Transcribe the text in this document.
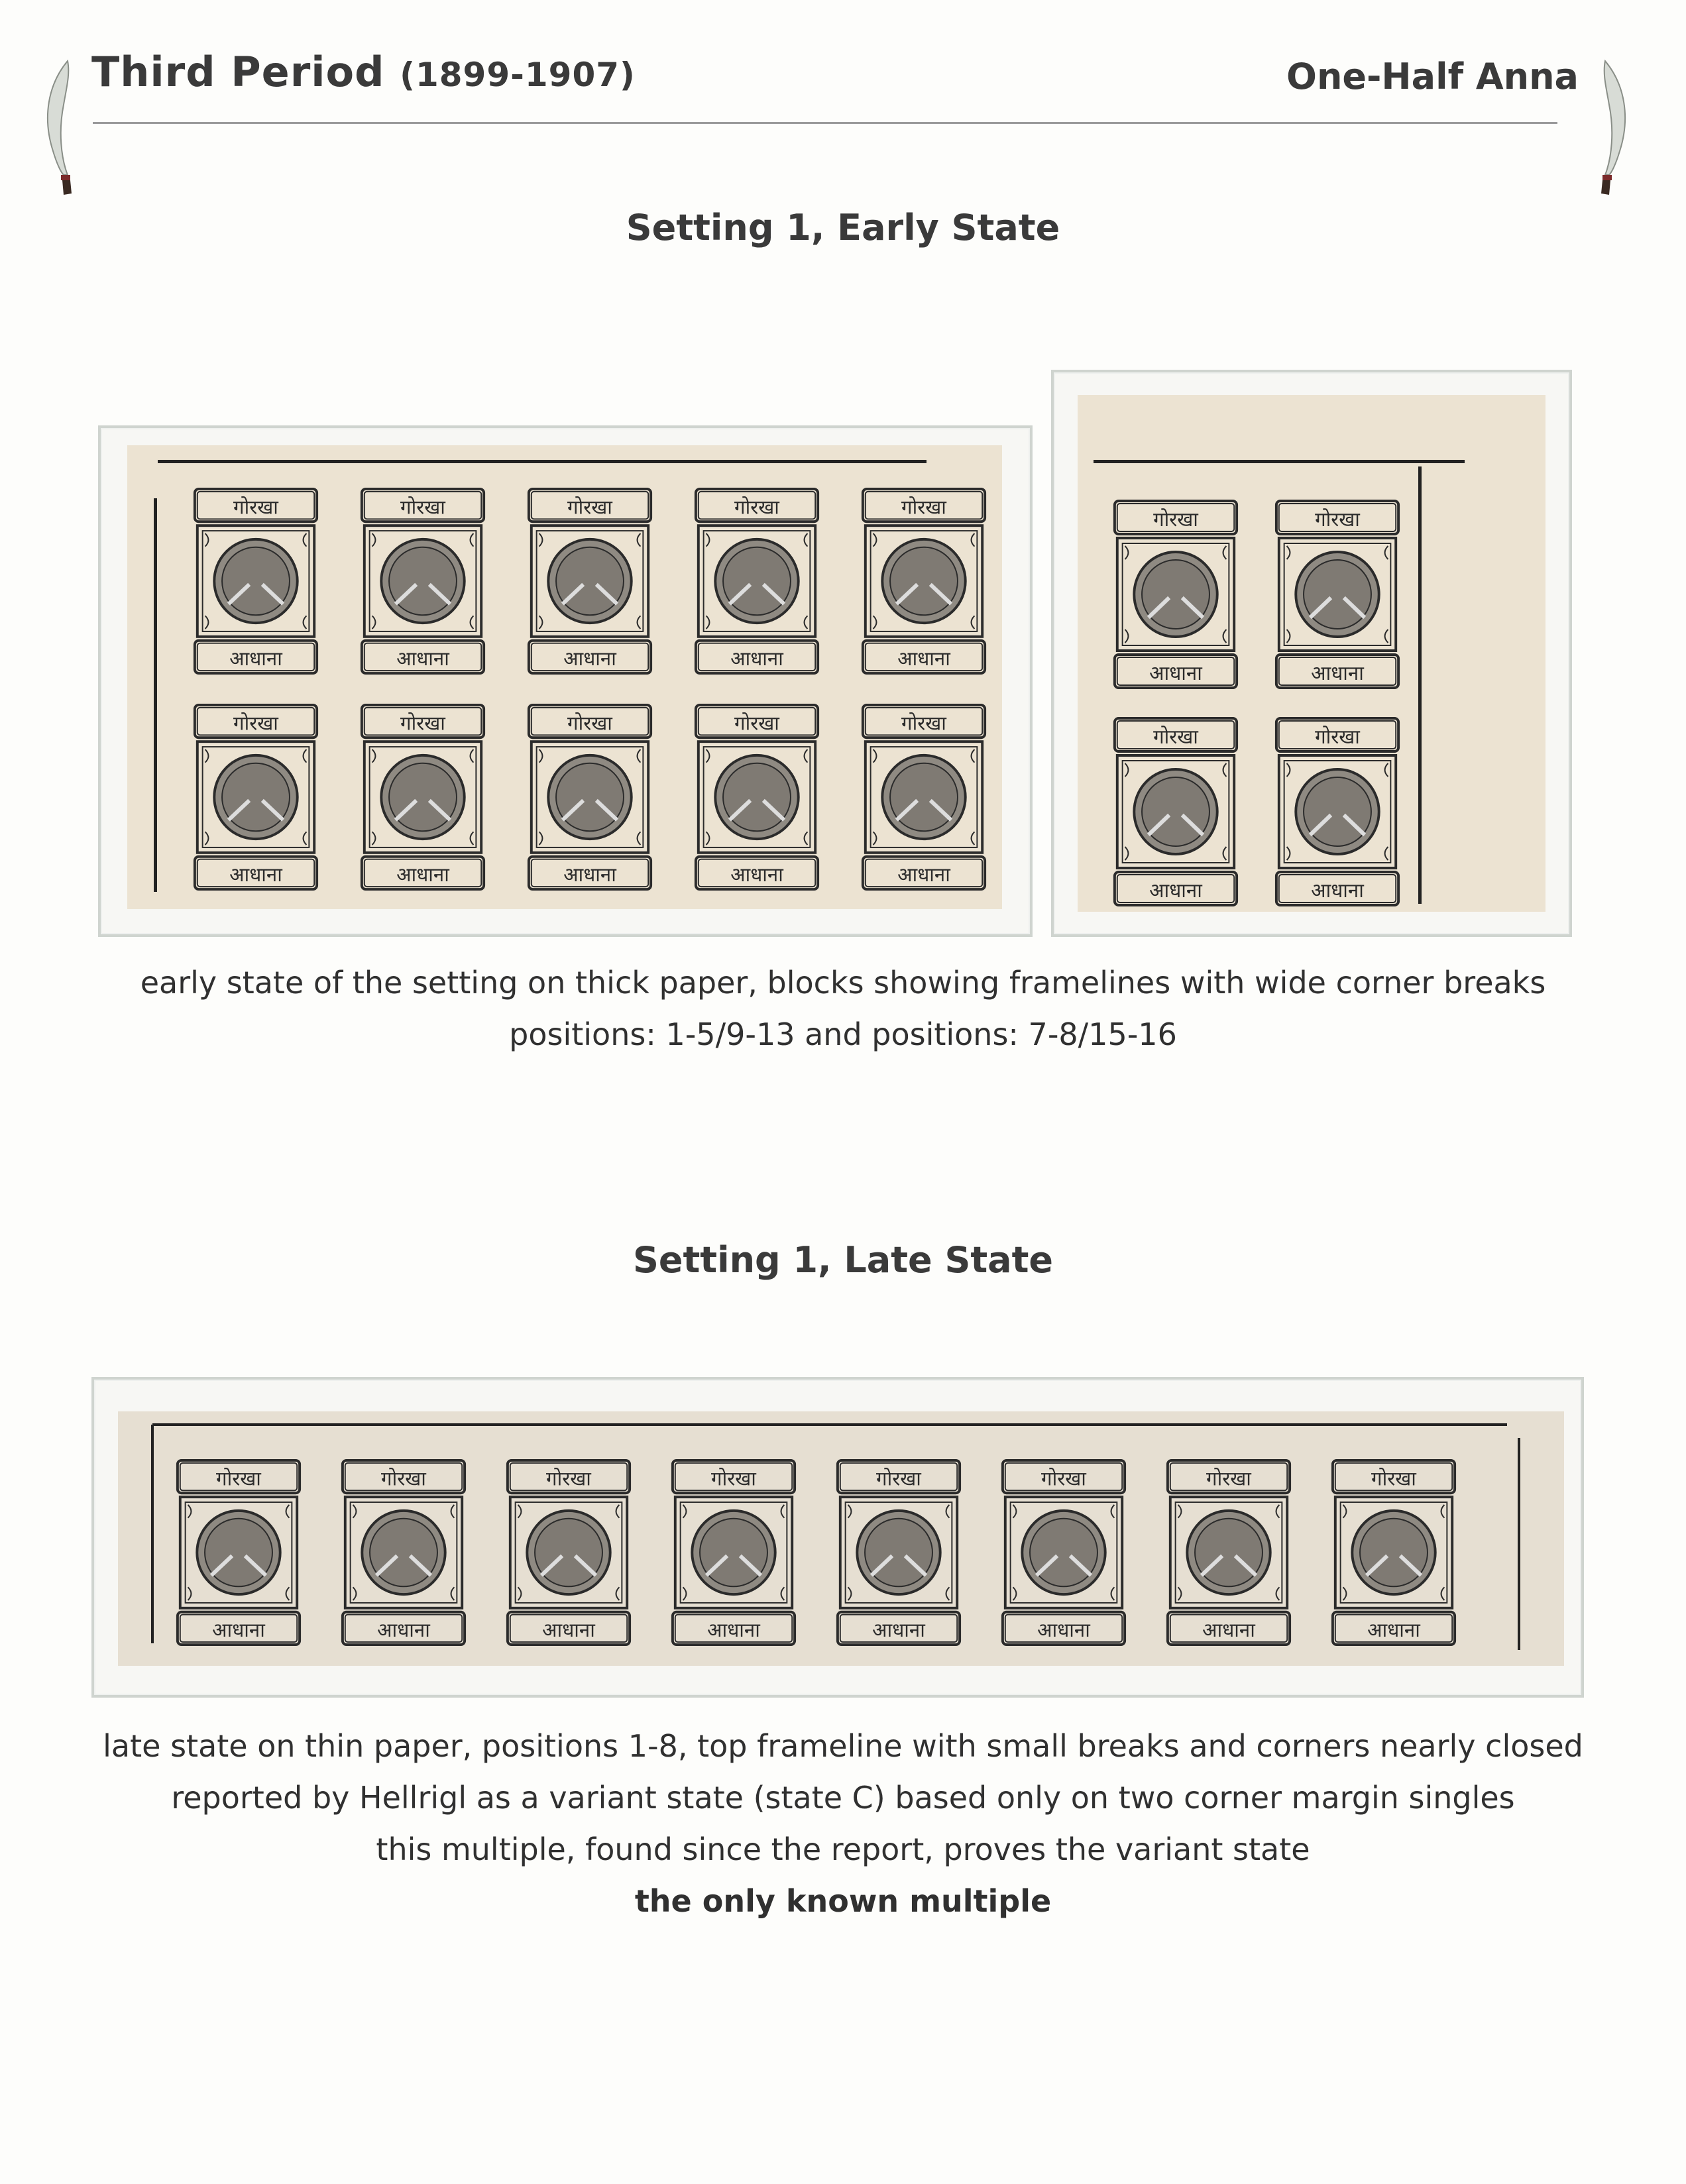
Third Period (1899-1907)	One-Half Anna
Setting 1, Early State
गोरखा
आधाना
गोरखा
आधाना
गोरखा
आधाना
गोरखा
आधाना
गोरखा
आधाना
गोरखा
आधाना
गोरखा
आधाना
गोरखा
आधाना
गोरखा
आधाना
गोरखा
आधाना
गोरखा
आधाना
गोरखा
आधाना
गोरखा
आधाना
गोरखा
आधाना
early state of the setting on thick paper, blocks showing framelines with wide corner breaks
positions: 1-5/9-13 and positions: 7-8/15-16
Setting 1, Late State
गोरखा
आधाना
गोरखा
आधाना
गोरखा
आधाना
गोरखा
आधाना
गोरखा
आधाना
गोरखा
आधाना
गोरखा
आधाना
गोरखा
आधाना
late state on thin paper, positions 1-8, top frameline with small breaks and corners nearly closed
reported by Hellrigl as a variant state (state C) based only on two corner margin singles
this multiple, found since the report, proves the variant state
the only known multiple
